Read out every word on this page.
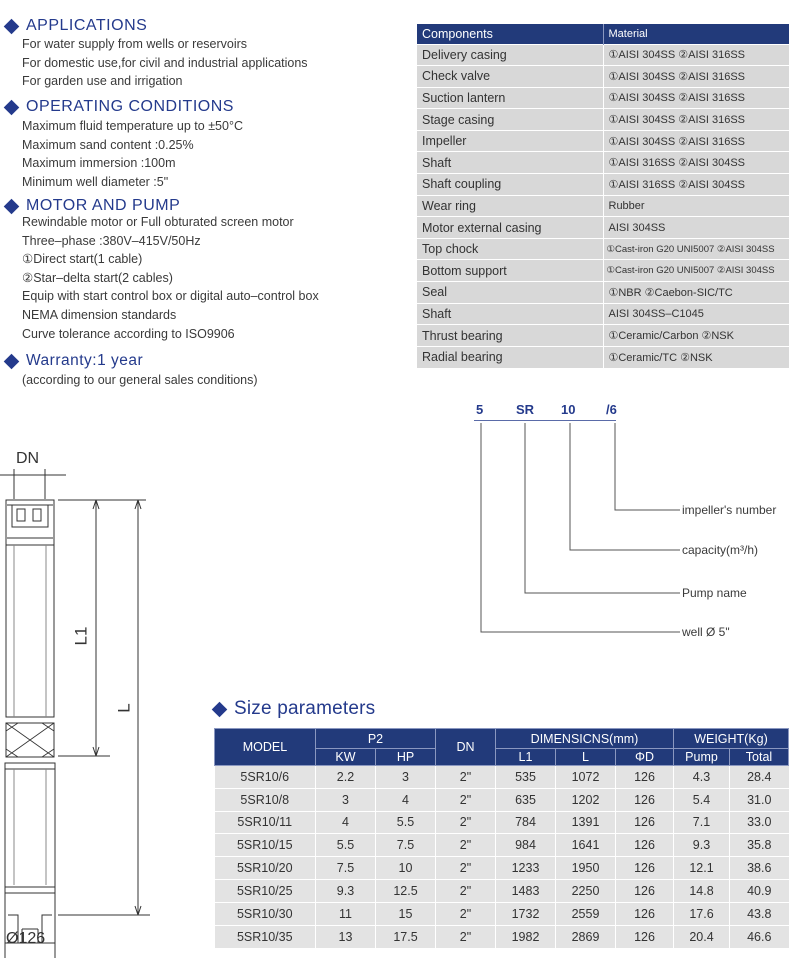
APPLICATIONS
For water supply from wells or reservoirs
For domestic use,for civil and industrial applications
For garden use and irrigation
OPERATING CONDITIONS
Maximum fluid temperature up to ±50°C
Maximum sand content :0.25%
Maximum immersion :100m
Minimum well diameter :5"
MOTOR AND PUMP
Rewindable motor or Full obturated screen motor
Three–phase :380V–415V/50Hz
①Direct start(1 cable)
②Star–delta start(2 cables)
Equip with start control box or digital auto–control box
NEMA dimension standards
Curve tolerance according to ISO9906
Warranty:1 year
(according to our general sales conditions)
Components	Material
Delivery casing	①AISI 304SS ②AISI 316SS
Check valve	①AISI 304SS ②AISI 316SS
Suction lantern	①AISI 304SS ②AISI 316SS
Stage casing	①AISI 304SS ②AISI 316SS
Impeller	①AISI 304SS ②AISI 316SS
Shaft	①AISI 316SS ②AISI 304SS
Shaft coupling	①AISI 316SS ②AISI 304SS
Wear ring	Rubber
Motor external casing	AISI 304SS
Top chock	①Cast-iron G20 UNI5007 ②AISI 304SS
Bottom support	①Cast-iron G20 UNI5007 ②AISI 304SS
Seal	①NBR ②Caebon-SIC/TC
Shaft	AISI 304SS–C1045
Thrust bearing	①Ceramic/Carbon ②NSK
Radial bearing	①Ceramic/TC ②NSK
5	SR 10 /6
impeller's number
capacity(m³/h)
Pump name
well Ø 5"
DN
L1
L
Ø126
Size parameters
MODEL	P2		DN	DIMENSICNS(mm)			WEIGHT(Kg)	
	KW	HP		L1	L	ΦD	Pump	Total
5SR10/6	2.2	3	2"	535	1072	126	4.3	28.4
5SR10/8	3	4	2"	635	1202	126	5.4	31.0
5SR10/11	4	5.5	2"	784	1391	126	7.1	33.0
5SR10/15	5.5	7.5	2"	984	1641	126	9.3	35.8
5SR10/20	7.5	10	2"	1233	1950	126	12.1	38.6
5SR10/25	9.3	12.5	2"	1483	2250	126	14.8	40.9
5SR10/30	11	15	2"	1732	2559	126	17.6	43.8
5SR10/35	13	17.5	2"	1982	2869	126	20.4	46.6
